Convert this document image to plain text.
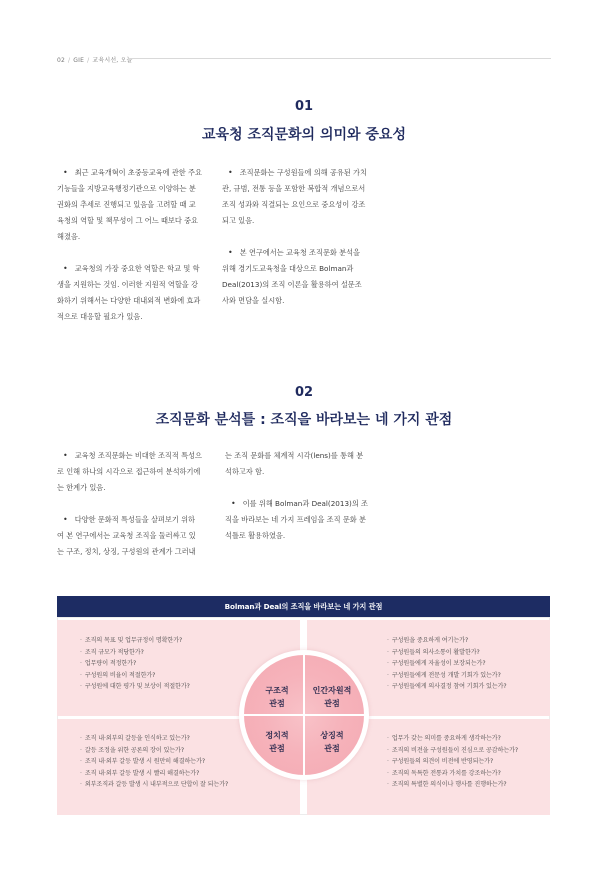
02 / GIE / 교육시선, 오늘
01
교육청 조직문화의 의미와 중요성

• 최근 교육개혁이 초중등교육에 관한 주요
기능들을 지방교육행정기관으로 이양하는 분
권화의 추세로 진행되고 있음을 고려할 때 교
육청의 역할 및 책무성이 그 어느 때보다 중요
해졌음.

• 교육청의 가장 중요한 역할은 학교 및 학
생을 지원하는 것임. 이러한 지원적 역할을 강
화하기 위해서는 다양한 대내외적 변화에 효과
적으로 대응할 필요가 있음.

• 조직문화는 구성원들에 의해 공유된 가치
관, 규범, 전통 등을 포함한 복합적 개념으로서
조직 성과와 직결되는 요인으로 중요성이 강조
되고 있음.

• 본 연구에서는 교육청 조직문화 분석을
위해 경기도교육청을 대상으로 Bolman과
Deal(2013)의 조직 이론을 활용하여 설문조
사와 면담을 실시함.

02
조직문화 분석틀 : 조직을 바라보는 네 가지 관점

• 교육청 조직문화는 비대한 조직적 특성으
로 인해 하나의 시각으로 접근하여 분석하기에
는 한계가 있음.

• 다양한 문화적 특성들을 살펴보기 위하
여 본 연구에서는 교육청 조직을 둘러싸고 있
는 구조, 정치, 상징, 구성원의 관계가 그러내

는 조직 문화를 체계적 시각(lens)를 통해 분
석하고자 함.

• 이를 위해 Bolman과 Deal(2013)의 조
직을 바라보는 네 가지 프레임을 조직 문화 분
석틀로 활용하였음.

Bolman과 Deal의 조직을 바라보는 네 가지 관점
· 조직의 목표 및 업무규정이 명확한가?
· 조직 규모가 적당한가?
· 업무량이 적정한가?
· 구성원의 비율이 적절한가?
· 구성원에 대한 평가 및 보상이 적절한가?
· 구성원을 중요하게 여기는가?
· 구성원들의 의사소통이 활발한가?
· 구성원들에게 자율성이 보장되는가?
· 구성원들에게 전문성 개발 기회가 있는가?
· 구성원들에게 의사결정 참여 기회가 있는가?
· 조직 내·외부의 갈등을 인식하고 있는가?
· 갈등 조정을 위한 공론의 장이 있는가?
· 조직 내·외부 갈등 발생 시 원만히 해결하는가?
· 조직 내·외부 갈등 발생 시 빨리 해결하는가?
· 외부조직과 갈등 발생 시 내부적으로 단합이 잘 되는가?
· 업무가 갖는 의미를 중요하게 생각하는가?
· 조직의 비전을 구성원들이 진심으로 공감하는가?
· 구성원들의 의견이 비전에 반영되는가?
· 조직의 독특한 전통과 가치를 강조하는가?
· 조직의 특별한 의식이나 행사를 진행하는가?
구조적
관점
인간자원적
관점
정치적
관점
상징적
관점
